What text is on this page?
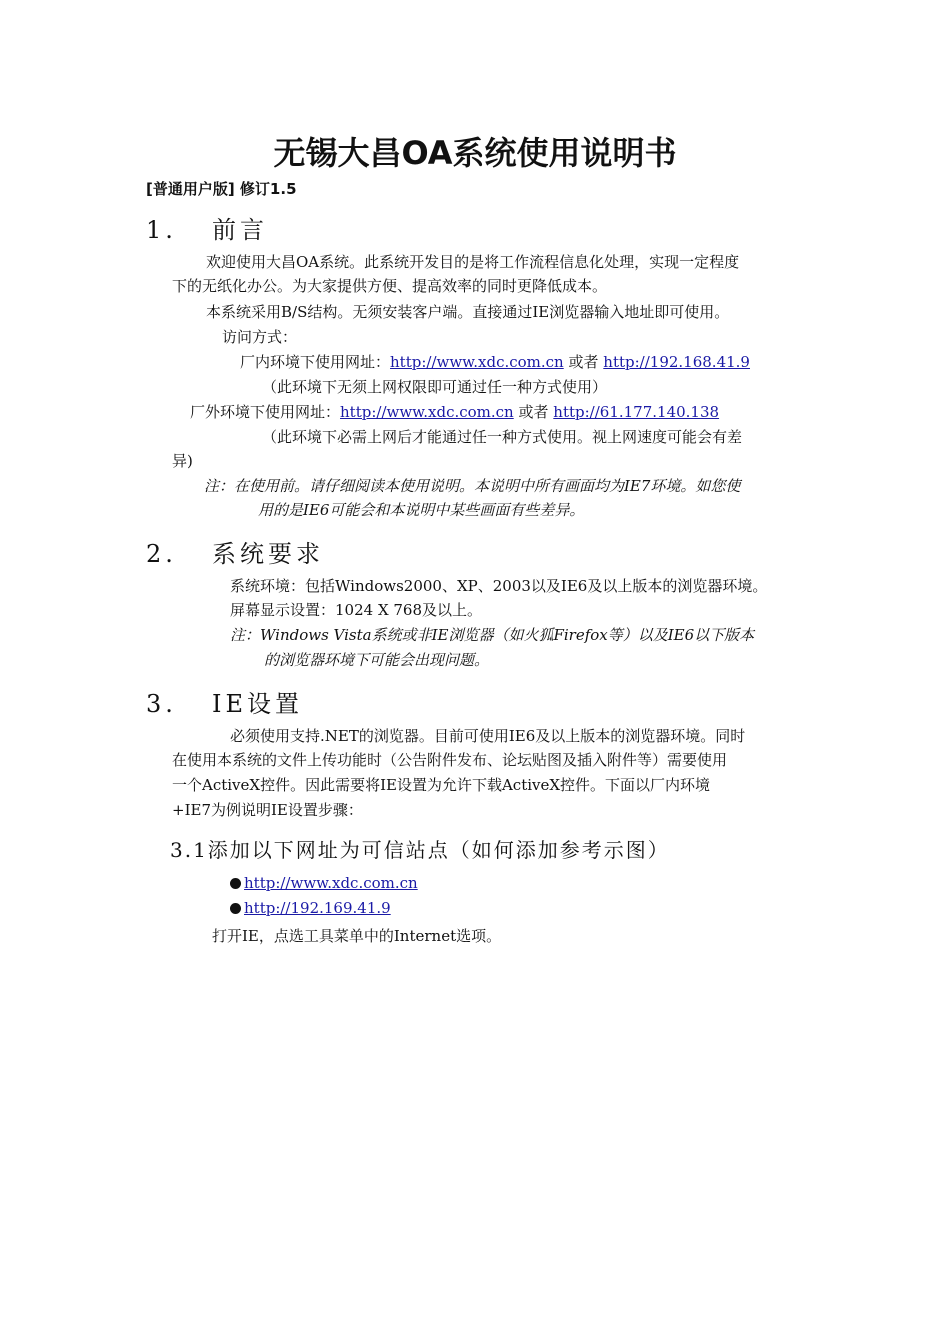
无锡大昌OA系统使用说明书
[普通用户版] 修订1.5
1. 前言
欢迎使用大昌OA系统。此系统开发目的是将工作流程信息化处理，实现一定程度
下的无纸化办公。为大家提供方便、提高效率的同时更降低成本。
本系统采用B/S结构。无须安装客户端。直接通过IE浏览器输入地址即可使用。
访问方式：
厂内环境下使用网址：http://www.xdc.com.cn 或者 http://192.168.41.9
（此环境下无须上网权限即可通过任一种方式使用）
厂外环境下使用网址：http://www.xdc.com.cn 或者 http://61.177.140.138
（此环境下必需上网后才能通过任一种方式使用。视上网速度可能会有差
异)
注：在使用前。请仔细阅读本使用说明。本说明中所有画面均为IE7环境。如您使
用的是IE6可能会和本说明中某些画面有些差异。
2. 系统要求
系统环境：包括Windows2000、XP、2003以及IE6及以上版本的浏览器环境。
屏幕显示设置：1024 X 768及以上。
注：Windows Vista系统或非IE浏览器（如火狐Firefox等）以及IE6以下版本
的浏览器环境下可能会出现问题。
3. IE设置
必须使用支持.NET的浏览器。目前可使用IE6及以上版本的浏览器环境。同时
在使用本系统的文件上传功能时（公告附件发布、论坛贴图及插入附件等）需要使用
一个ActiveX控件。因此需要将IE设置为允许下载ActiveX控件。下面以厂内环境
+IE7为例说明IE设置步骤：
3.1添加以下网址为可信站点（如何添加参考示图）
http://www.xdc.com.cn
http://192.169.41.9
打开IE，点选工具菜单中的Internet选项。
